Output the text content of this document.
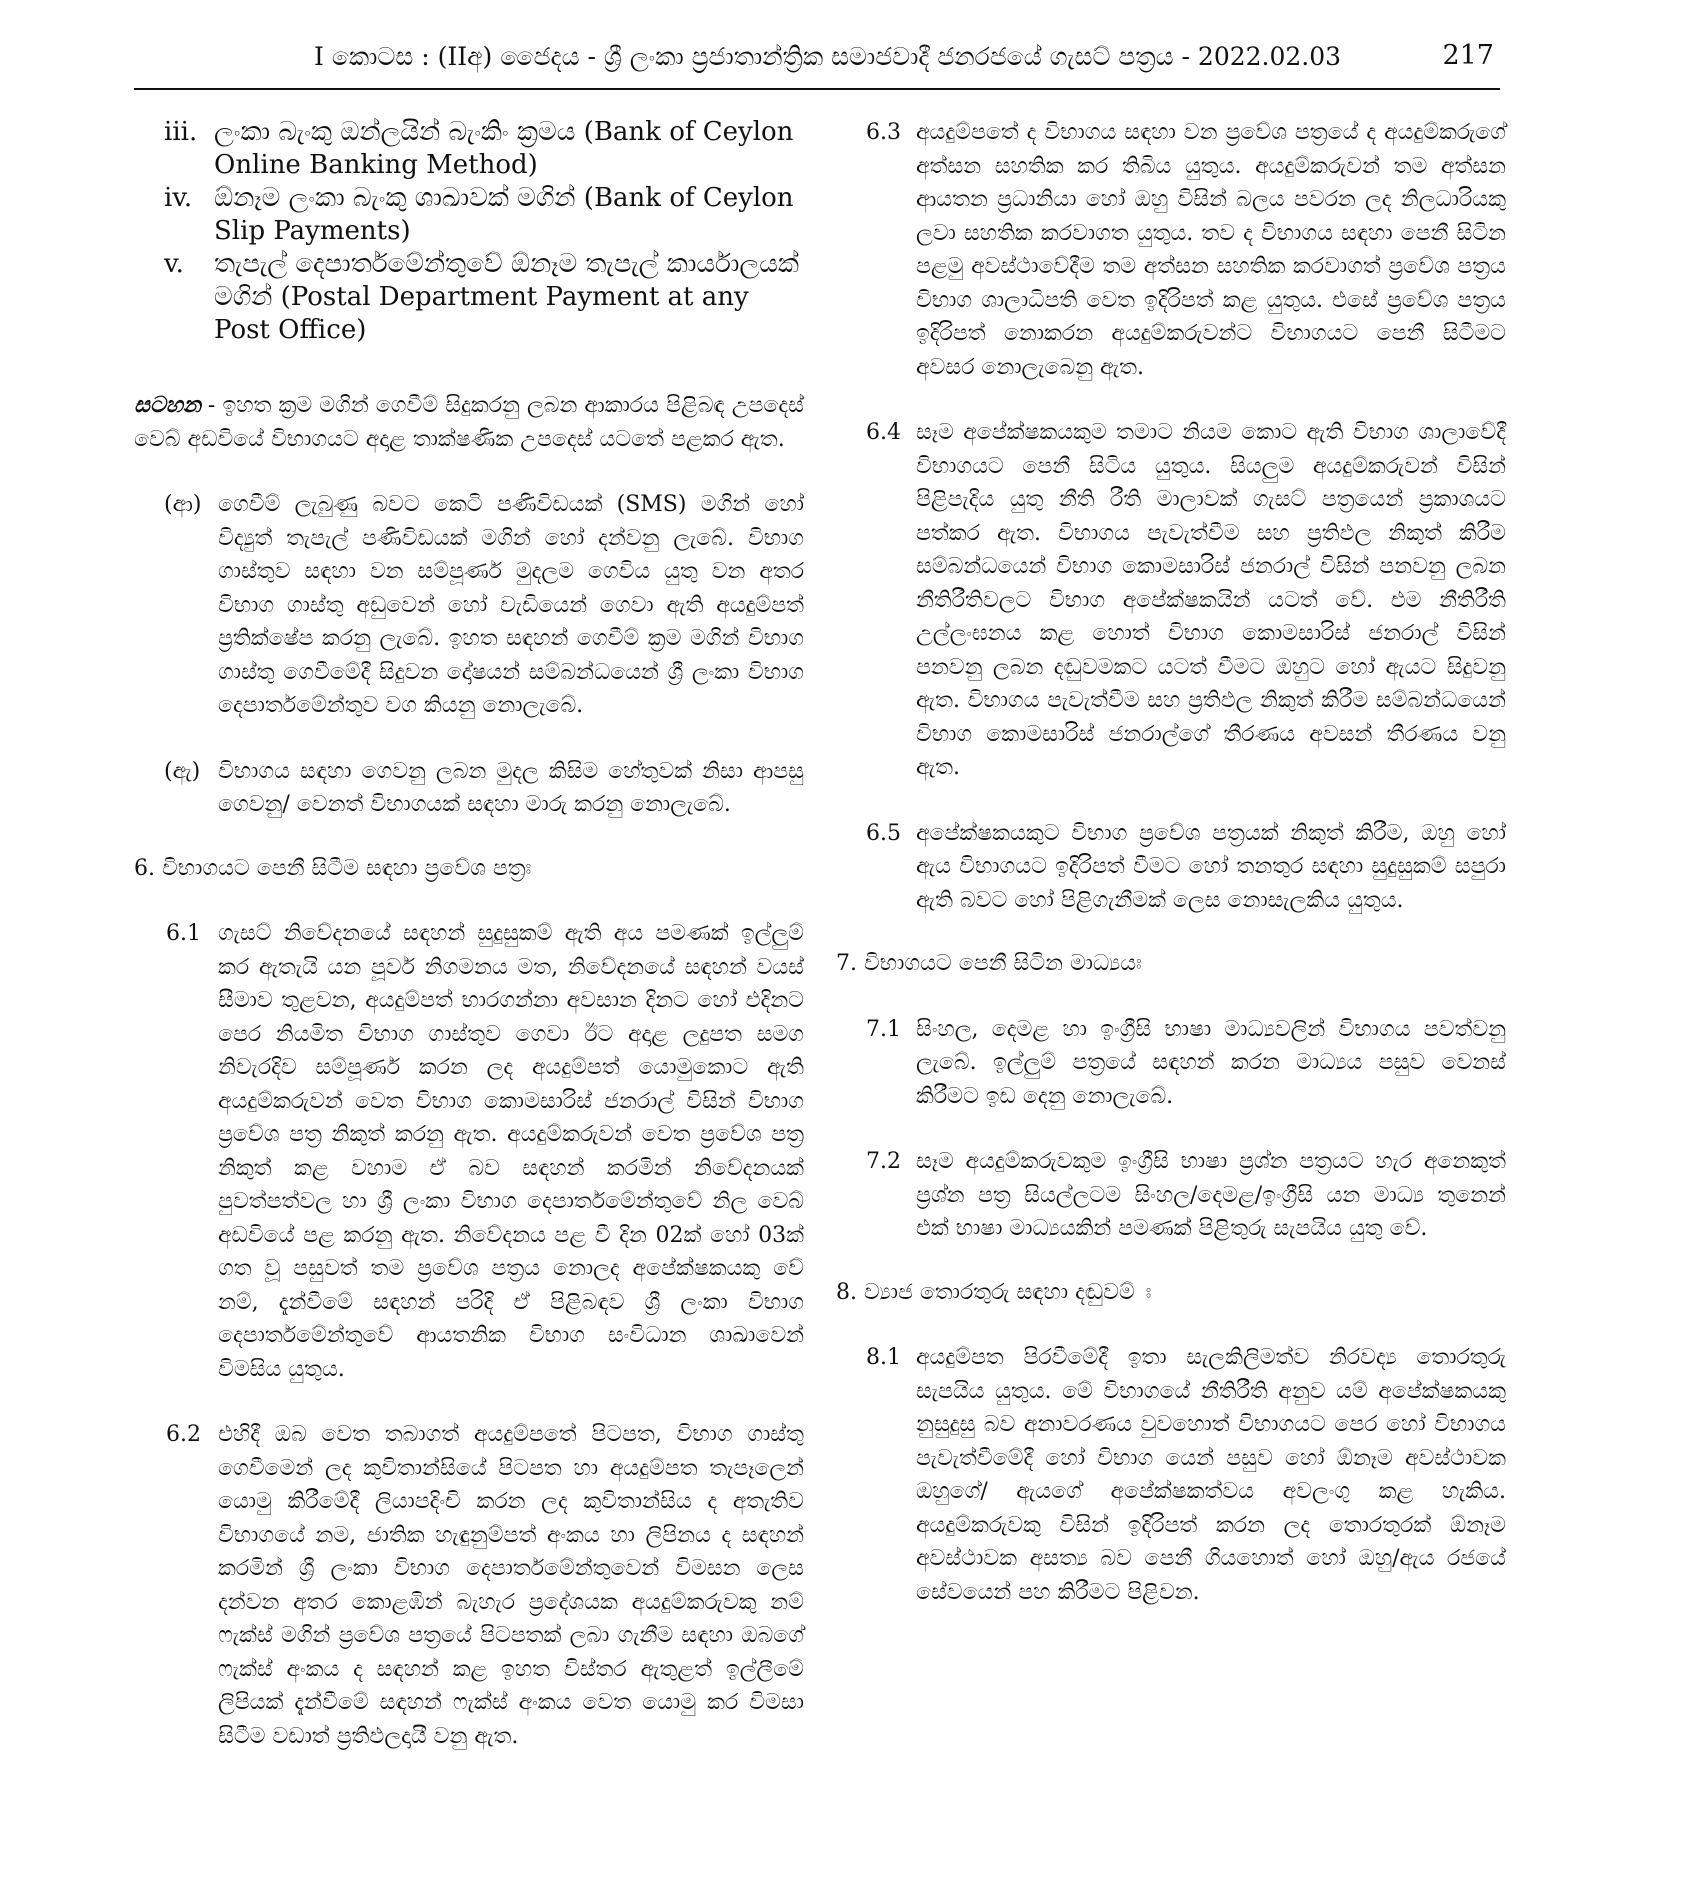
I කොටස : (IIඅ) ජෛදය - ශ්‍රී ලංකා ප්‍රජාතාන්ත්‍රික සමාජවාදී ජනරජයේ ගැසට් පත්‍රය - 2022.02.03	217
iii. ලංකා බැංකු ඔන්ලයින් බැංකිං ක්‍රමය (Bank of Ceylon Online Banking Method)
iv. ඕනෑම ලංකා බැංකු ශාඛාවක් මගින් (Bank of Ceylon Slip Payments)
v. තැපැල් දෙපාර්තමේන්තුවේ ඕනෑම තැපැල් කාර්යාලයක් මගින් (Postal Department Payment at any Post Office)

සටහන - ඉහත ක්‍රම මගින් ගෙවීම් සිදුකරනු ලබන ආකාරය පිළිබඳ උපදෙස් වෙබ් අඩවියේ විභාගයට අදාළ තාක්ෂණික උපදෙස් යටතේ පළකර ඇත.

(ආ) ගෙවීම් ලැබුණු බවට කෙටි පණිවිඩයක් (SMS) මගින් හෝ විද්‍යුත් තැපැල් පණිවිඩයක් මගින් හෝ දන්වනු ලැබේ. විභාග ගාස්තුව සඳහා වන සම්පූර්ණ මුදලම ගෙවිය යුතු වන අතර විභාග ගාස්තු අඩුවෙන් හෝ වැඩියෙන් ගෙවා ඇති අයදුම්පත් ප්‍රතික්ෂේප කරනු ලැබේ. ඉහත සඳහන් ගෙවීම් ක්‍රම මගින් විභාග ගාස්තු ගෙවීමේදී සිදුවන දෝෂයන් සම්බන්ධයෙන් ශ්‍රී ලංකා විභාග දෙපාර්තමේන්තුව වග කියනු නොලැබේ.
(ඇ) විභාගය සඳහා ගෙවනු ලබන මුදල කිසිම හේතුවක් නිසා ආපසු ගෙවනු/ වෙනත් විභාගයක් සඳහා මාරු කරනු නොලැබේ.

6. විභාගයට පෙනී සිටීම සඳහා ප්‍රවේශ පත්‍රඃ

6.1 ගැසට් නිවේදනයේ සඳහන් සුදුසුකම් ඇති අය පමණක් ඉල්ලුම් කර ඇතැයි යන පූර්ව නිගමනය මත, නිවේදනයේ සඳහන් වයස් සීමාව තුළවන, අයදුම්පත් භාරගන්නා අවසාන දිනට හෝ එදිනට පෙර නියමිත විභාග ගාස්තුව ගෙවා ඊට අදාළ ලදුපත සමග නිවැරදිව සම්පූර්ණ කරන ලද අයදුම්පත් යොමුකොට ඇති අයදුම්කරුවන් වෙත විභාග කොමසාරිස් ජනරාල් විසින් විභාග ප්‍රවේශ පත්‍ර නිකුත් කරනු ඇත. අයදුම්කරුවන් වෙත ප්‍රවේශ පත්‍ර නිකුත් කළ වහාම ඒ බව සඳහන් කරමින් නිවේදනයක් පුවත්පත්වල හා ශ්‍රී ලංකා විභාග දෙපාර්තමේන්තුවේ නිල වෙබ් අඩවියේ පළ කරනු ඇත. නිවේදනය පළ වී දින 02ක් හෝ 03ක් ගත වූ පසුවත් තම ප්‍රවේශ පත්‍රය නොලද අපේක්ෂකයකු වේ නම්, දැන්වීමේ සඳහන් පරිදි ඒ පිළිබඳව ශ්‍රී ලංකා විභාග දෙපාර්තමේන්තුවේ ආයතනික විභාග සංවිධාන ශාඛාවෙන් විමසිය යුතුය.
6.2 එහිදී ඔබ වෙත තබාගත් අයදුම්පතේ පිටපත, විභාග ගාස්තු ගෙවීමෙන් ලද කුවිතාන්සියේ පිටපත හා අයදුම්පත තැපෑලෙන් යොමු කිරීමේදී ලියාපදිංචි කරන ලද කුවිතාන්සිය ද අතැතිව විභාගයේ නම, ජාතික හැඳුනුම්පත් අංකය හා ලිපිනය ද සඳහන් කරමින් ශ්‍රී ලංකා විභාග දෙපාර්තමේන්තුවෙන් විමසන ලෙස දන්වන අතර කොළඹින් බැහැර ප්‍රදේශයක අයදුම්කරුවකු නම් ෆැක්ස් මගින් ප්‍රවේශ පත්‍රයේ පිටපතක් ලබා ගැනීම සඳහා ඔබගේ ෆැක්ස් අංකය ද සඳහන් කළ ඉහත විස්තර ඇතුළත් ඉල්ලීමේ ලිපියක් දැන්වීමේ සඳහන් ෆැක්ස් අංකය වෙත යොමු කර විමසා සිටීම වඩාත් ප්‍රතිඵලදායී වනු ඇත.
6.3 අයදුම්පතේ ද විභාගය සඳහා වන ප්‍රවේශ පත්‍රයේ ද අයදුම්කරුගේ අත්සන සහතික කර තිබිය යුතුය. අයදුම්කරුවන් තම අත්සන ආයතන ප්‍රධානියා හෝ ඔහු විසින් බලය පවරන ලද නිලධාරියකු ලවා සහතික කරවාගත යුතුය. තව ද විභාගය සඳහා පෙනී සිටින පළමු අවස්ථාවේදීම තම අත්සන සහතික කරවාගත් ප්‍රවේශ පත්‍රය විභාග ශාලාධිපති වෙත ඉදිරිපත් කළ යුතුය. එසේ ප්‍රවේශ පත්‍රය ඉදිරිපත් නොකරන අයදුම්කරුවන්ට විභාගයට පෙනී සිටීමට අවසර නොලැබෙනු ඇත.
6.4 සෑම අපේක්ෂකයකුම තමාට නියම කොට ඇති විභාග ශාලාවේදී විභාගයට පෙනී සිටිය යුතුය. සියලුම අයදුම්කරුවන් විසින් පිළිපැදිය යුතු නීති රීති මාලාවක් ගැසට් පත්‍රයෙන් ප්‍රකාශයට පත්කර ඇත. විභාගය පැවැත්වීම සහ ප්‍රතිඵල නිකුත් කිරීම සම්බන්ධයෙන් විභාග කොමසාරිස් ජනරාල් විසින් පනවනු ලබන නීතිරීතිවලට විභාග අපේක්ෂකයින් යටත් වේ. එම නීතිරීති උල්ලංඝනය කළ හොත් විභාග කොමසාරිස් ජනරාල් විසින් පනවනු ලබන දඬුවමකට යටත් වීමට ඔහුට හෝ ඇයට සිදුවනු ඇත. විභාගය පැවැත්වීම සහ ප්‍රතිඵල නිකුත් කිරීම සම්බන්ධයෙන් විභාග කොමසාරිස් ජනරාල්ගේ තීරණය අවසන් තීරණය වනු ඇත.
6.5 අපේක්ෂකයකුට විභාග ප්‍රවේශ පත්‍රයක් නිකුත් කිරීම, ඔහු හෝ ඇය විභාගයට ඉදිරිපත් වීමට හෝ තනතුර සඳහා සුදුසුකම් සපුරා ඇති බවට හෝ පිළිගැනීමක් ලෙස නොසැලකිය යුතුය.

7. විභාගයට පෙනී සිටින මාධ්‍යයඃ

7.1 සිංහල, දෙමළ හා ඉංග්‍රීසි භාෂා මාධ්‍යවලින් විභාගය පවත්වනු ලැබේ. ඉල්ලුම් පත්‍රයේ සඳහන් කරන මාධ්‍යය පසුව වෙනස් කිරීමට ඉඩ දෙනු නොලැබේ.
7.2 සෑම අයදුම්කරුවකුම ඉංග්‍රීසි භාෂා ප්‍රශ්න පත්‍රයට හැර අනෙකුත් ප්‍රශ්න පත්‍ර සියල්ලටම සිංහල/දෙමළ/ඉංග්‍රීසි යන මාධ්‍ය තුනෙන් එක් භාෂා මාධ්‍යයකින් පමණක් පිළිතුරු සැපයිය යුතු වේ.

8. ව්‍යාජ තොරතුරු සඳහා දඬුවම් ඃ

8.1 අයදුම්පත පිරවීමේදී ඉතා සැලකිලිමත්ව නිරවද්‍ය තොරතුරු සැපයිය යුතුය. මේ විභාගයේ නීතිරීති අනුව යම් අපේක්ෂකයකු නුසුදුසු බව අනාවරණය වුවහොත් විභාගයට පෙර හෝ විභාගය පැවැත්වීමේදී හෝ විභාග යෙන් පසුව හෝ ඕනෑම අවස්ථාවක ඔහුගේ/ ඇයගේ අපේක්ෂකත්වය අවලංගු කළ හැකිය. අයදුම්කරුවකු විසින් ඉදිරිපත් කරන ලද තොරතුරක් ඕනෑම අවස්ථාවක අසත්‍ය බව පෙනී ගියහොත් හෝ ඔහු/ඇය රජයේ සේවයෙන් පහ කිරීමට පිළිවන.
